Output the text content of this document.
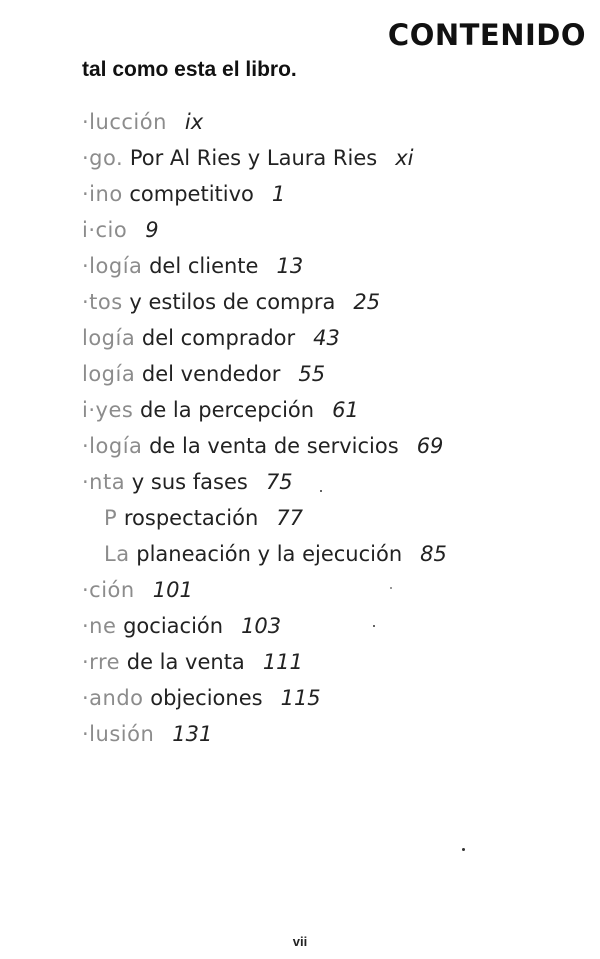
CONTENIDO
tal como esta el libro.
·lucción ix
·go. Por Al Ries y Laura Ries xi
·ino competitivo 1
i·cio 9
·logía del cliente 13
·tos y estilos de compra 25
logía del comprador 43
logía del vendedor 55
i·yes de la percepción 61
·logía de la venta de servicios 69
·nta y sus fases 75
P rospectación 77
La planeación y la ejecución 85
·ción 101
·ne gociación 103
·rre de la venta 111
·ando objeciones 115
·lusión 131
vii
